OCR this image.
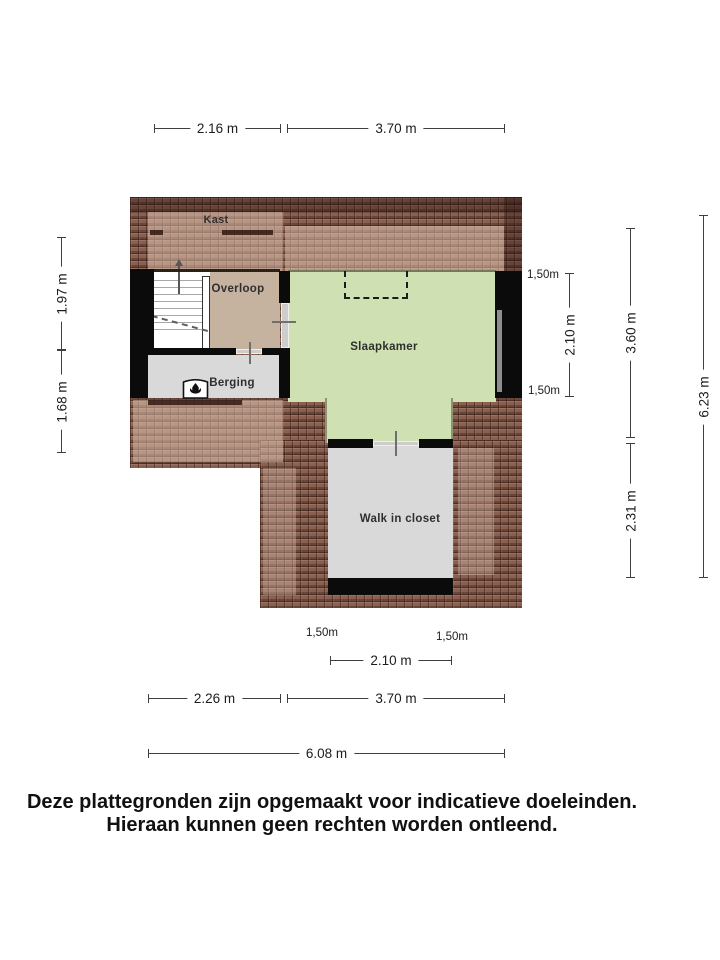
Kast
Overloop
Berging
Slaapkamer
Walk in closet
2.16 m	3.70 m
2.10 m
2.26 m	3.70 m
6.08 m
1.97 m
1.68 m
2.10 m	3.60 m
2.31 m
6.23 m
1,50m
1,50m
1,50m	1,50m
Deze plattegronden zijn opgemaakt voor indicatieve doeleinden.
Hieraan kunnen geen rechten worden ontleend.
